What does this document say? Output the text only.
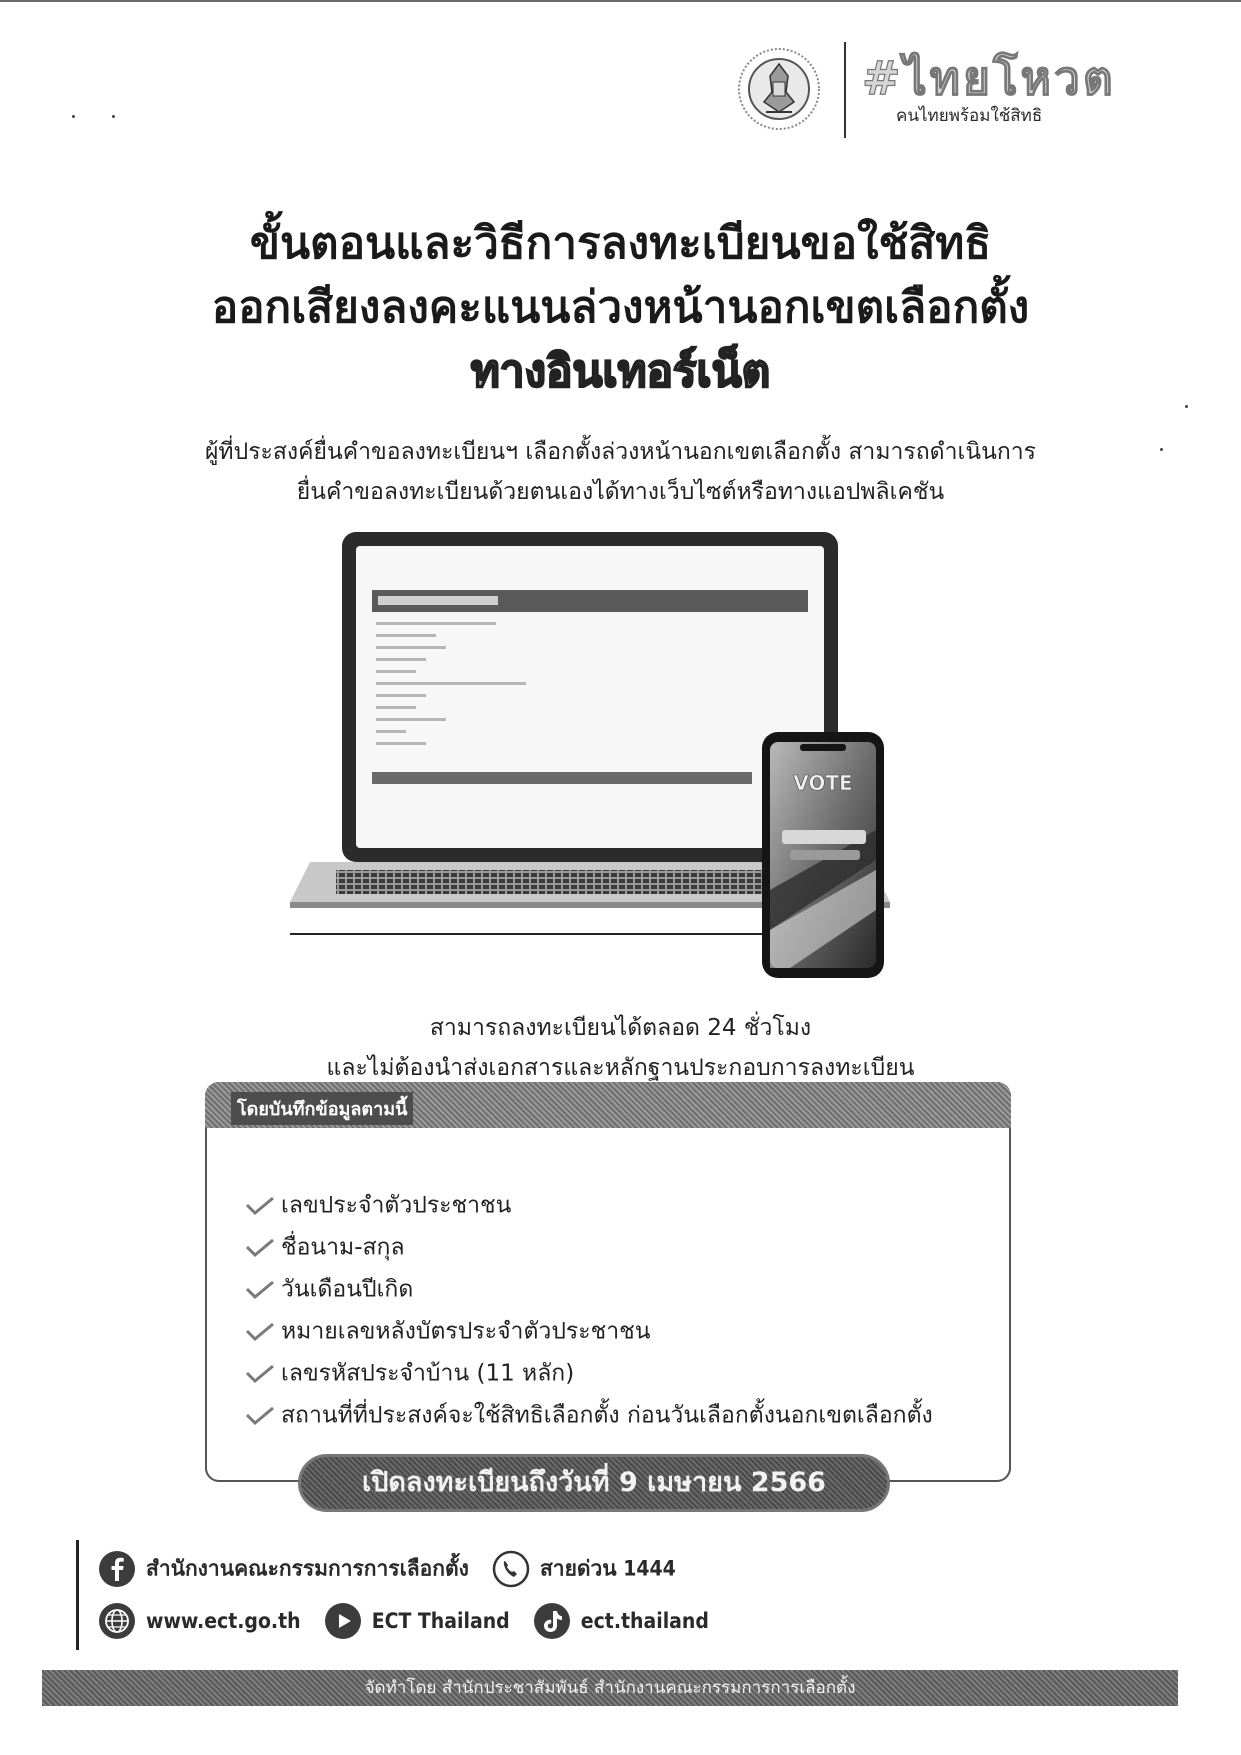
#ไทยโหวต
คนไทยพร้อมใช้สิทธิ
ขั้นตอนและวิธีการลงทะเบียนขอใช้สิทธิ
ออกเสียงลงคะแนนล่วงหน้านอกเขตเลือกตั้ง
ทางอินเทอร์เน็ต
ผู้ที่ประสงค์ยื่นคำขอลงทะเบียนฯ เลือกตั้งล่วงหน้านอกเขตเลือกตั้ง สามารถดำเนินการ
ยื่นคำขอลงทะเบียนด้วยตนเองได้ทางเว็บไซต์หรือทางแอปพลิเคชัน
VOTE
สามารถลงทะเบียนได้ตลอด 24 ชั่วโมง
และไม่ต้องนำส่งเอกสารและหลักฐานประกอบการลงทะเบียน
โดยบันทึกข้อมูลตามนี้
เลขประจำตัวประชาชน
ชื่อนาม-สกุล
วันเดือนปีเกิด
หมายเลขหลังบัตรประจำตัวประชาชน
เลขรหัสประจำบ้าน (11 หลัก)
สถานที่ที่ประสงค์จะใช้สิทธิเลือกตั้ง ก่อนวันเลือกตั้งนอกเขตเลือกตั้ง
เปิดลงทะเบียนถึงวันที่ 9 เมษายน 2566
สำนักงานคณะกรรมการการเลือกตั้ง	สายด่วน 1444
www.ect.go.th	ECT Thailand	ect.thailand
จัดทำโดย สำนักประชาสัมพันธ์ สำนักงานคณะกรรมการการเลือกตั้ง
